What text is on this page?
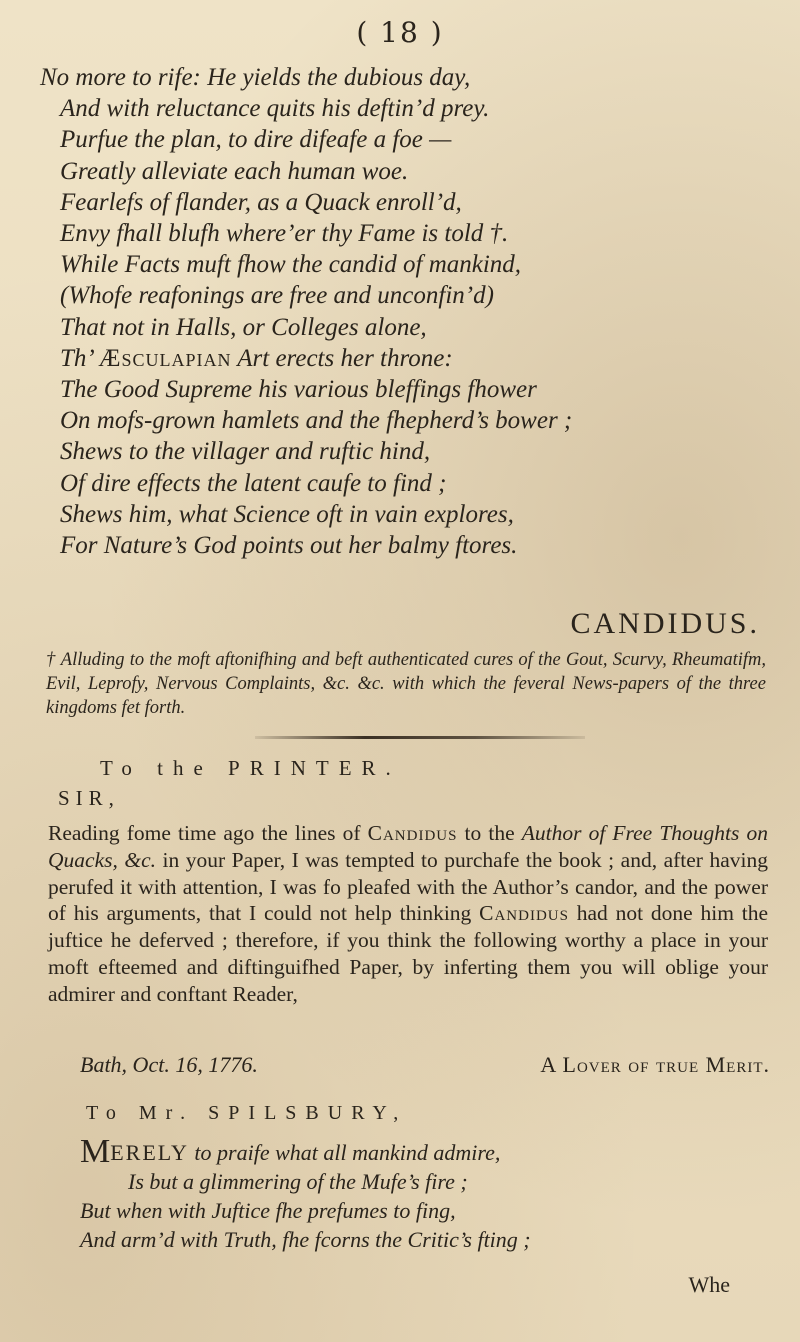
( 18 )
No more to rife: He yields the dubious day,
And with reluctance quits his deftin’d prey.
Purfue the plan, to dire difeafe a foe —
Greatly alleviate each human woe.
Fearlefs of flander, as a Quack enroll’d,
Envy fhall blufh where’er thy Fame is told †.
While Facts muft fhow the candid of mankind,
(Whofe reafonings are free and unconfin’d)
That not in Halls, or Colleges alone,
Th’ Æsculapian Art erects her throne:
The Good Supreme his various bleffings fhower
On mofs-grown hamlets and the fhepherd’s bower ;
Shews to the villager and ruftic hind,
Of dire effects the latent caufe to find ;
Shews him, what Science oft in vain explores,
For Nature’s God points out her balmy ftores.
CANDIDUS.
† Alluding to the moft aftonifhing and beft authenticated cures of the Gout, Scurvy, Rheumatifm, Evil, Leprofy, Nervous Complaints, &c. &c. with which the feveral News-papers of the three kingdoms fet forth.
To the PRINTER.
SIR,

Reading fome time ago the lines of Candidus to the Author of Free Thoughts on Quacks, &c. in your Paper, I was tempted to purchafe the book ; and, after having perufed it with attention, I was fo pleafed with the Author’s candor, and the power of his arguments, that I could not help thinking Candidus had not done him the juftice he deferved ; therefore, if you think the following worthy a place in your moft efteemed and diftinguifhed Paper, by inferting them you will oblige your admirer and conftant Reader,

Bath, Oct. 16, 1776.	A Lover of true Merit.
To Mr. SPILSBURY,
MERELY to praife what all mankind admire,
Is but a glimmering of the Mufe’s fire ;
But when with Juftice fhe prefumes to fing,
And arm’d with Truth, fhe fcorns the Critic’s fting ;
Whe
